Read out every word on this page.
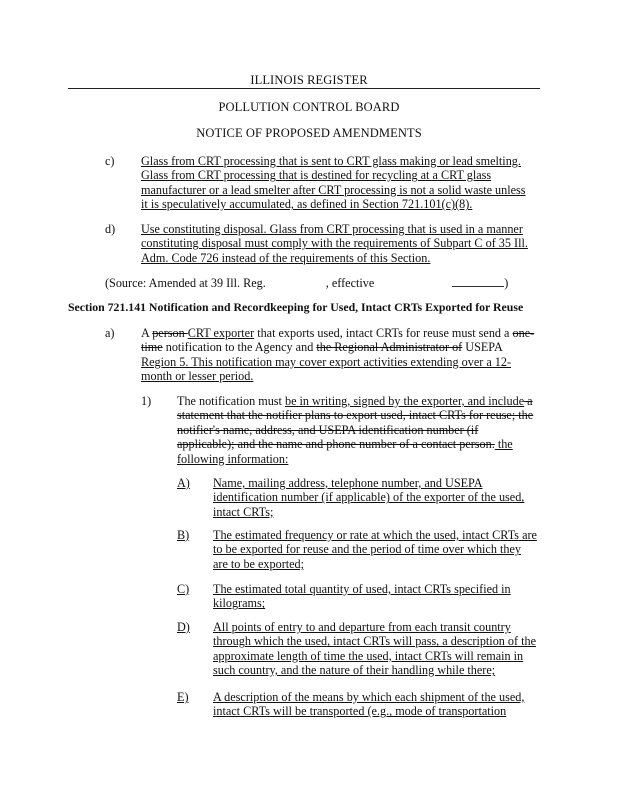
ILLINOIS REGISTER
POLLUTION CONTROL BOARD
NOTICE OF PROPOSED AMENDMENTS
c) Glass from CRT processing that is sent to CRT glass making or lead smelting. Glass from CRT processing that is destined for recycling at a CRT glass manufacturer or a lead smelter after CRT processing is not a solid waste unless it is speculatively accumulated, as defined in Section 721.101(c)(8).
d) Use constituting disposal. Glass from CRT processing that is used in a manner constituting disposal must comply with the requirements of Subpart C of 35 Ill. Adm. Code 726 instead of the requirements of this Section.
(Source: Amended at 39 Ill. Reg.	, effective	)
Section 721.141 Notification and Recordkeeping for Used, Intact CRTs Exported for Reuse
a) A person CRT exporter that exports used, intact CRTs for reuse must send a one-time notification to the Agency and the Regional Administrator of USEPA Region 5. This notification may cover export activities extending over a 12-month or lesser period.
1) The notification must be in writing, signed by the exporter, and include a statement that the notifier plans to export used, intact CRTs for reuse; the notifier's name, address, and USEPA identification number (if applicable); and the name and phone number of a contact person. the following information:
A) Name, mailing address, telephone number, and USEPA identification number (if applicable) of the exporter of the used, intact CRTs;
B) The estimated frequency or rate at which the used, intact CRTs are to be exported for reuse and the period of time over which they are to be exported;
C) The estimated total quantity of used, intact CRTs specified in kilograms;
D) All points of entry to and departure from each transit country through which the used, intact CRTs will pass, a description of the approximate length of time the used, intact CRTs will remain in such country, and the nature of their handling while there;
E) A description of the means by which each shipment of the used, intact CRTs will be transported (e.g., mode of transportation
